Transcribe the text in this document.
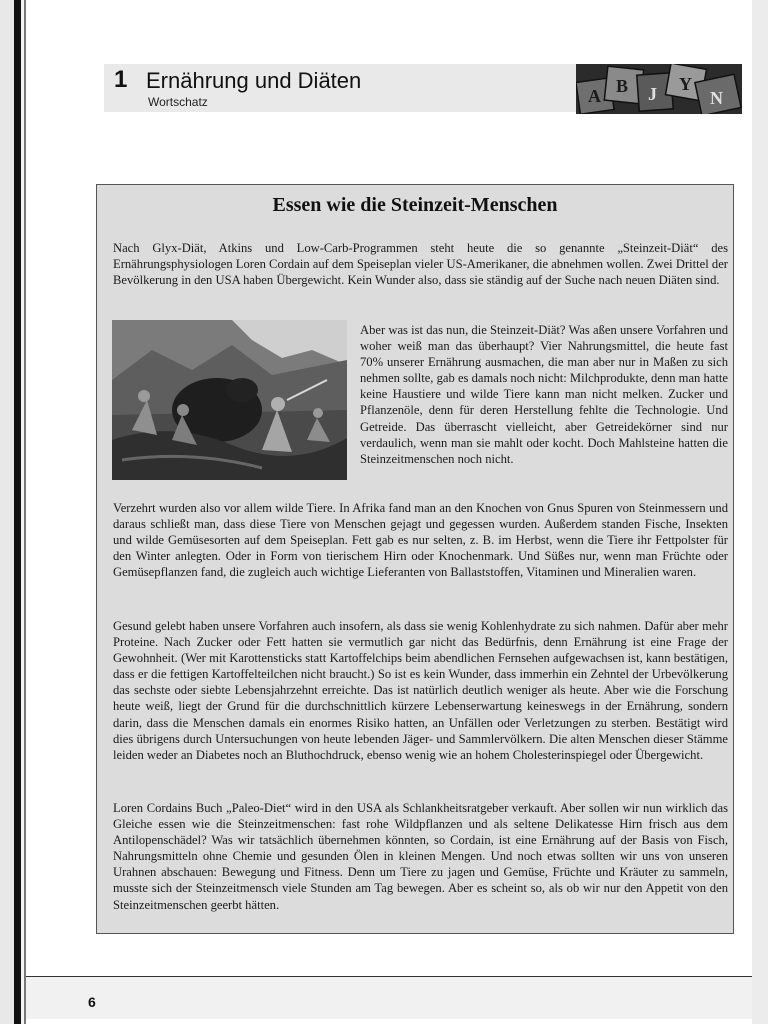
1 Ernährung und Diäten
Wortschatz	A B J Y
N
Essen wie die Steinzeit-Menschen

Nach Glyx-Diät, Atkins und Low-Carb-Programmen steht heute die so genannte „Steinzeit-Diät“ des Ernährungsphysiologen Loren Cordain auf dem Speiseplan vieler US-Amerikaner, die abnehmen wollen. Zwei Drittel der Bevölkerung in den USA haben Übergewicht. Kein Wunder also, dass sie ständig auf der Suche nach neuen Diäten sind.

Aber was ist das nun, die Steinzeit-Diät? Was aßen unsere Vorfahren und woher weiß man das überhaupt? Vier Nahrungsmittel, die heute fast 70% unserer Ernährung ausmachen, die man aber nur in Maßen zu sich nehmen sollte, gab es damals noch nicht: Milchprodukte, denn man hatte keine Haustiere und wilde Tiere kann man nicht melken. Zucker und Pflanzenöle, denn für deren Herstellung fehlte die Technologie. Und Getreide. Das überrascht vielleicht, aber Getreidekörner sind nur verdaulich, wenn man sie mahlt oder kocht. Doch Mahlsteine hatten die Steinzeitmenschen noch nicht.

Verzehrt wurden also vor allem wilde Tiere. In Afrika fand man an den Knochen von Gnus Spuren von Steinmessern und daraus schließt man, dass diese Tiere von Menschen gejagt und gegessen wurden. Außerdem standen Fische, Insekten und wilde Gemüsesorten auf dem Speiseplan. Fett gab es nur selten, z. B. im Herbst, wenn die Tiere ihr Fettpolster für den Winter anlegten. Oder in Form von tierischem Hirn oder Knochenmark. Und Süßes nur, wenn man Früchte oder Gemüsepflanzen fand, die zugleich auch wichtige Lieferanten von Ballaststoffen, Vitaminen und Mineralien waren.

Gesund gelebt haben unsere Vorfahren auch insofern, als dass sie wenig Kohlenhydrate zu sich nahmen. Dafür aber mehr Proteine. Nach Zucker oder Fett hatten sie vermutlich gar nicht das Bedürfnis, denn Ernährung ist eine Frage der Gewohnheit. (Wer mit Karottensticks statt Kartoffelchips beim abendlichen Fernsehen aufgewachsen ist, kann bestätigen, dass er die fettigen Kartoffelteilchen nicht braucht.) So ist es kein Wunder, dass immerhin ein Zehntel der Urbevölkerung das sechste oder siebte Lebensjahrzehnt erreichte. Das ist natürlich deutlich weniger als heute. Aber wie die Forschung heute weiß, liegt der Grund für die durchschnittlich kürzere Lebenserwartung keineswegs in der Ernährung, sondern darin, dass die Menschen damals ein enormes Risiko hatten, an Unfällen oder Verletzungen zu sterben. Bestätigt wird dies übrigens durch Untersuchungen von heute lebenden Jäger- und Sammlervölkern. Die alten Menschen dieser Stämme leiden weder an Diabetes noch an Bluthochdruck, ebenso wenig wie an hohem Cholesterinspiegel oder Übergewicht.

Loren Cordains Buch „Paleo-Diet“ wird in den USA als Schlankheitsratgeber verkauft. Aber sollen wir nun wirklich das Gleiche essen wie die Steinzeitmenschen: fast rohe Wildpflanzen und als seltene Delikatesse Hirn frisch aus dem Antilopenschädel? Was wir tatsächlich übernehmen könnten, so Cordain, ist eine Ernährung auf der Basis von Fisch, Nahrungsmitteln ohne Chemie und gesunden Ölen in kleinen Mengen. Und noch etwas sollten wir uns von unseren Urahnen abschauen: Bewegung und Fitness. Denn um Tiere zu jagen und Gemüse, Früchte und Kräuter zu sammeln, musste sich der Steinzeitmensch viele Stunden am Tag bewegen. Aber es scheint so, als ob wir nur den Appetit von den Steinzeitmenschen geerbt hätten.

6
